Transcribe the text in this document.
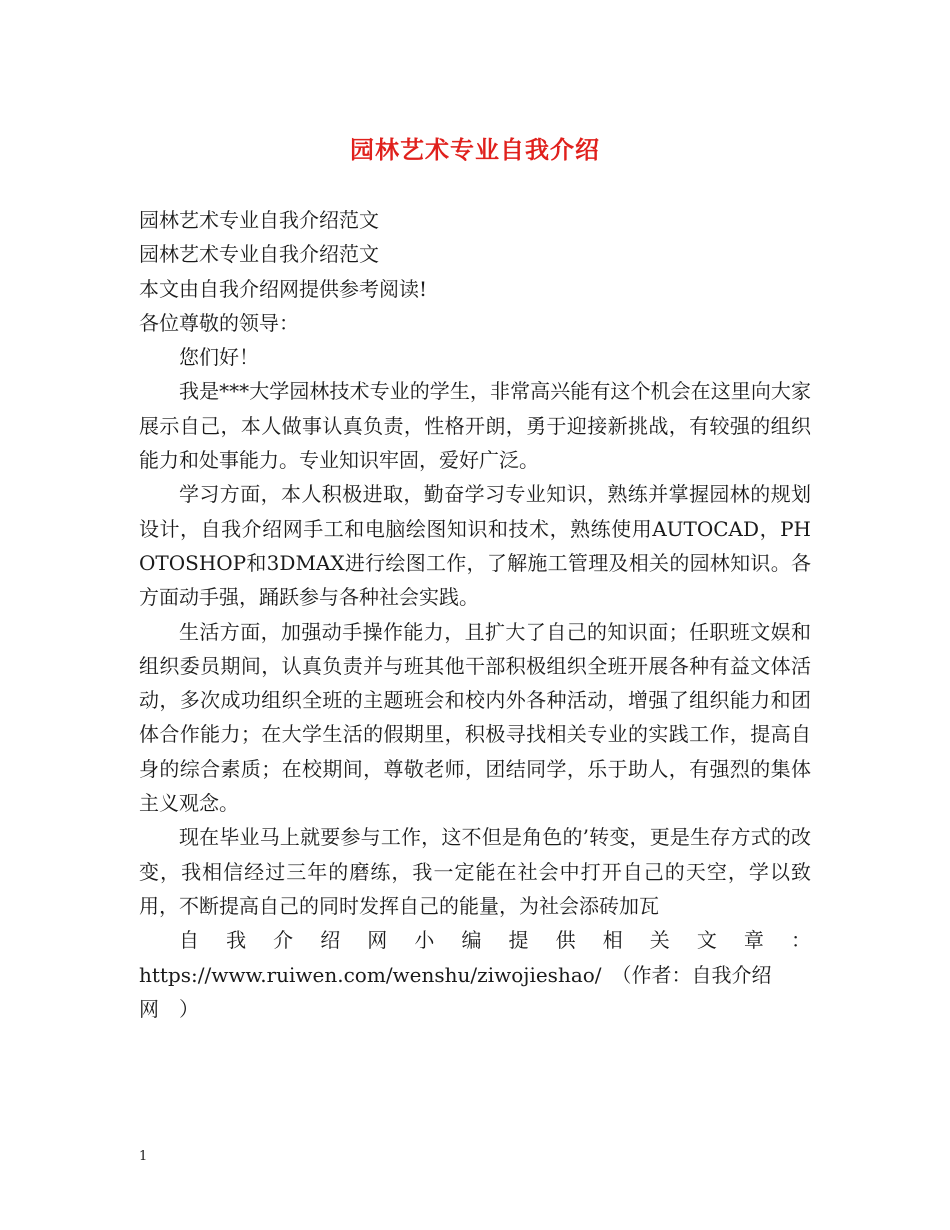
园林艺术专业自我介绍
园林艺术专业自我介绍范文
园林艺术专业自我介绍范文
本文由自我介绍网提供参考阅读!
各位尊敬的领导：
您们好！
我是***大学园林技术专业的学生，非常高兴能有这个机会在这里向大家展示自己，本人做事认真负责，性格开朗，勇于迎接新挑战，有较强的组织能力和处事能力。专业知识牢固，爱好广泛。
学习方面，本人积极进取，勤奋学习专业知识，熟练并掌握园林的规划设计，自我介绍网手工和电脑绘图知识和技术，熟练使用AUTOCAD，PHOTOSHOP和3DMAX进行绘图工作，了解施工管理及相关的园林知识。各方面动手强，踊跃参与各种社会实践。
生活方面，加强动手操作能力，且扩大了自己的知识面；任职班文娱和组织委员期间，认真负责并与班其他干部积极组织全班开展各种有益文体活动，多次成功组织全班的主题班会和校内外各种活动，增强了组织能力和团体合作能力；在大学生活的假期里，积极寻找相关专业的实践工作，提高自身的综合素质；在校期间，尊敬老师，团结同学，乐于助人，有强烈的集体主义观念。
现在毕业马上就要参与工作，这不但是角色的’转变，更是生存方式的改变，我相信经过三年的磨练，我一定能在社会中打开自己的天空，学以致用，不断提高自己的同时发挥自己的能量，为社会添砖加瓦
自我介绍网小编提供相关文章：
https://www.ruiwen.com/wenshu/ziwojieshao/　（作者：自我介绍
网　）
1
